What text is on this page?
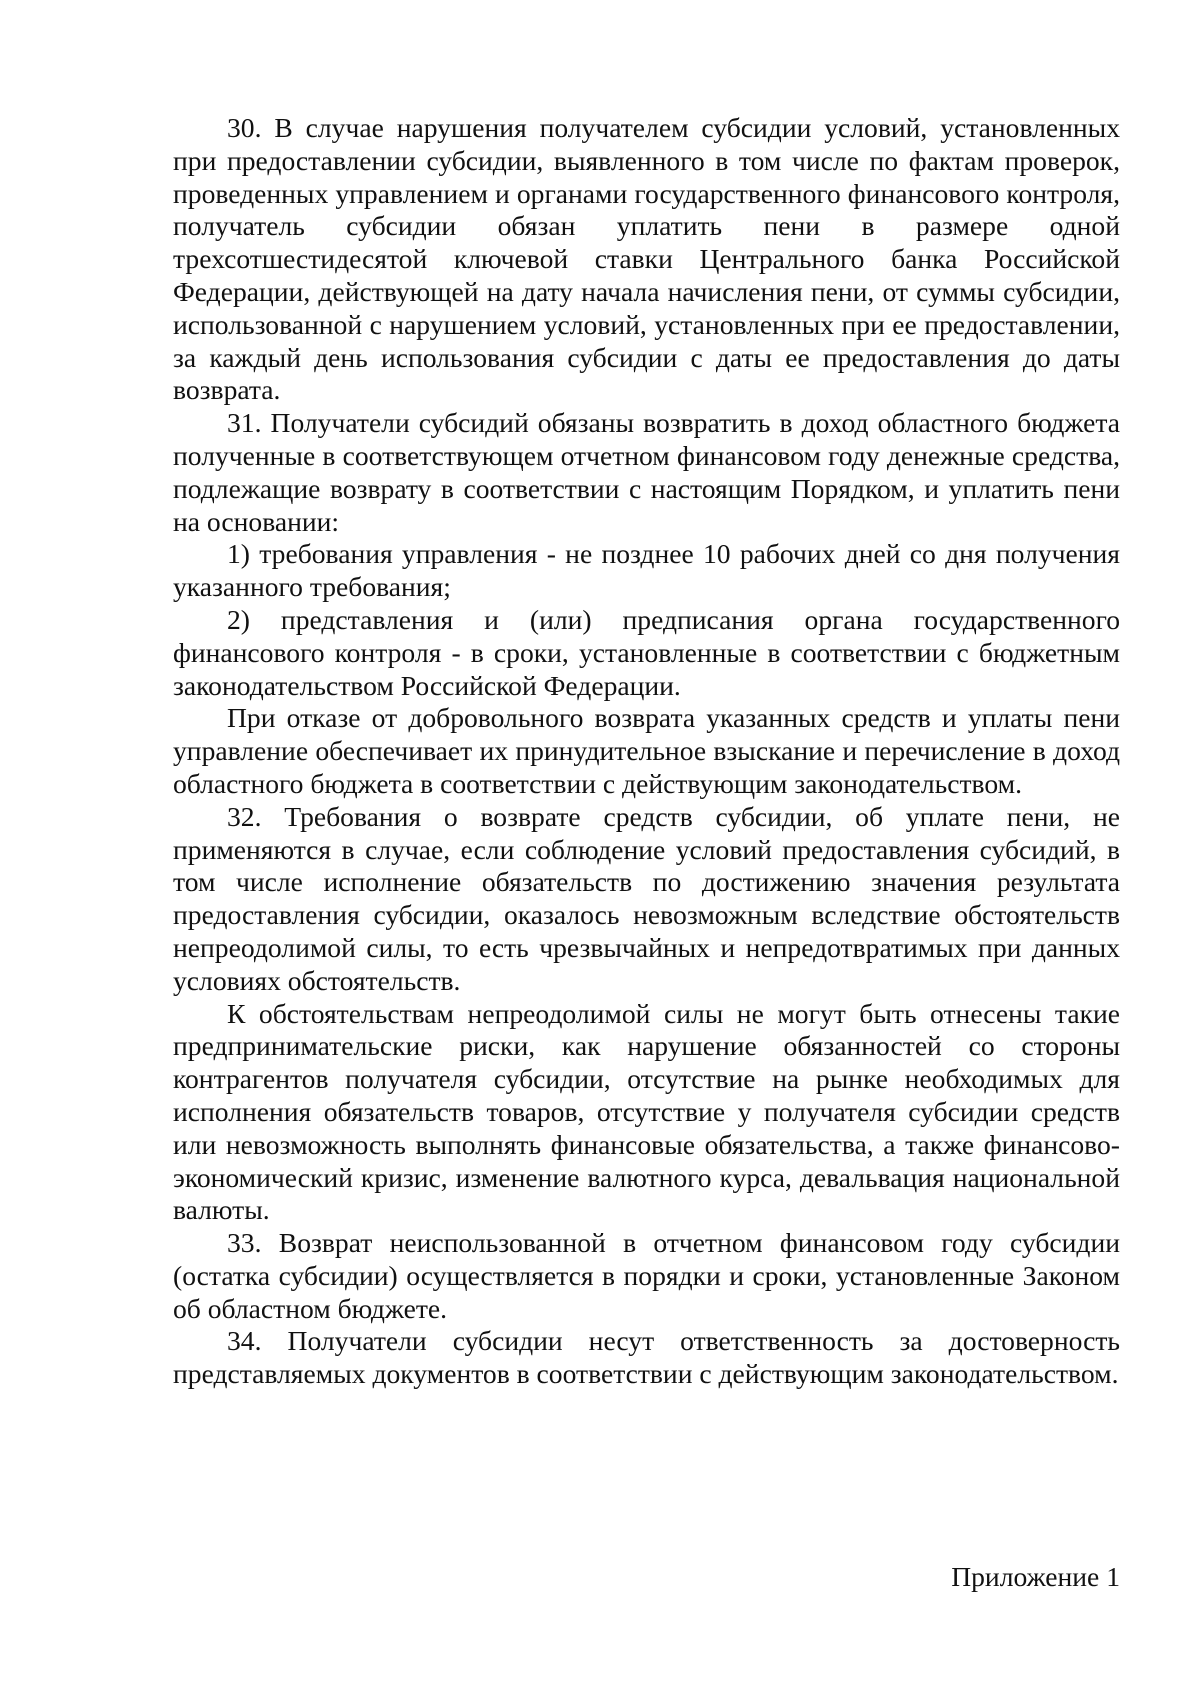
30. В случае нарушения получателем субсидии условий, установленных при предоставлении субсидии, выявленного в том числе по фактам проверок, проведенных управлением и органами государственного финансового контроля, получатель субсидии обязан уплатить пени в размере одной трехсотшестидесятой ключевой ставки Центрального банка Российской Федерации, действующей на дату начала начисления пени, от суммы субсидии, использованной с нарушением условий, установленных при ее предоставлении, за каждый день использования субсидии с даты ее предоставления до даты возврата.

31. Получатели субсидий обязаны возвратить в доход областного бюджета полученные в соответствующем отчетном финансовом году денежные средства, подлежащие возврату в соответствии с настоящим Порядком, и уплатить пени на основании:

1) требования управления - не позднее 10 рабочих дней со дня получения указанного требования;

2) представления и (или) предписания органа государственного финансового контроля - в сроки, установленные в соответствии с бюджетным законодательством Российской Федерации.

При отказе от добровольного возврата указанных средств и уплаты пени управление обеспечивает их принудительное взыскание и перечисление в доход областного бюджета в соответствии с действующим законодательством.

32. Требования о возврате средств субсидии, об уплате пени, не применяются в случае, если соблюдение условий предоставления субсидий, в том числе исполнение обязательств по достижению значения результата предоставления субсидии, оказалось невозможным вследствие обстоятельств непреодолимой силы, то есть чрезвычайных и непредотвратимых при данных условиях обстоятельств.

К обстоятельствам непреодолимой силы не могут быть отнесены такие предпринимательские риски, как нарушение обязанностей со стороны контрагентов получателя субсидии, отсутствие на рынке необходимых для исполнения обязательств товаров, отсутствие у получателя субсидии средств или невозможность выполнять финансовые обязательства, а также финансово-экономический кризис, изменение валютного курса, девальвация национальной валюты.

33. Возврат неиспользованной в отчетном финансовом году субсидии (остатка субсидии) осуществляется в порядки и сроки, установленные Законом об областном бюджете.

34. Получатели субсидии несут ответственность за достоверность представляемых документов в соответствии с действующим законодательством.

Приложение 1
